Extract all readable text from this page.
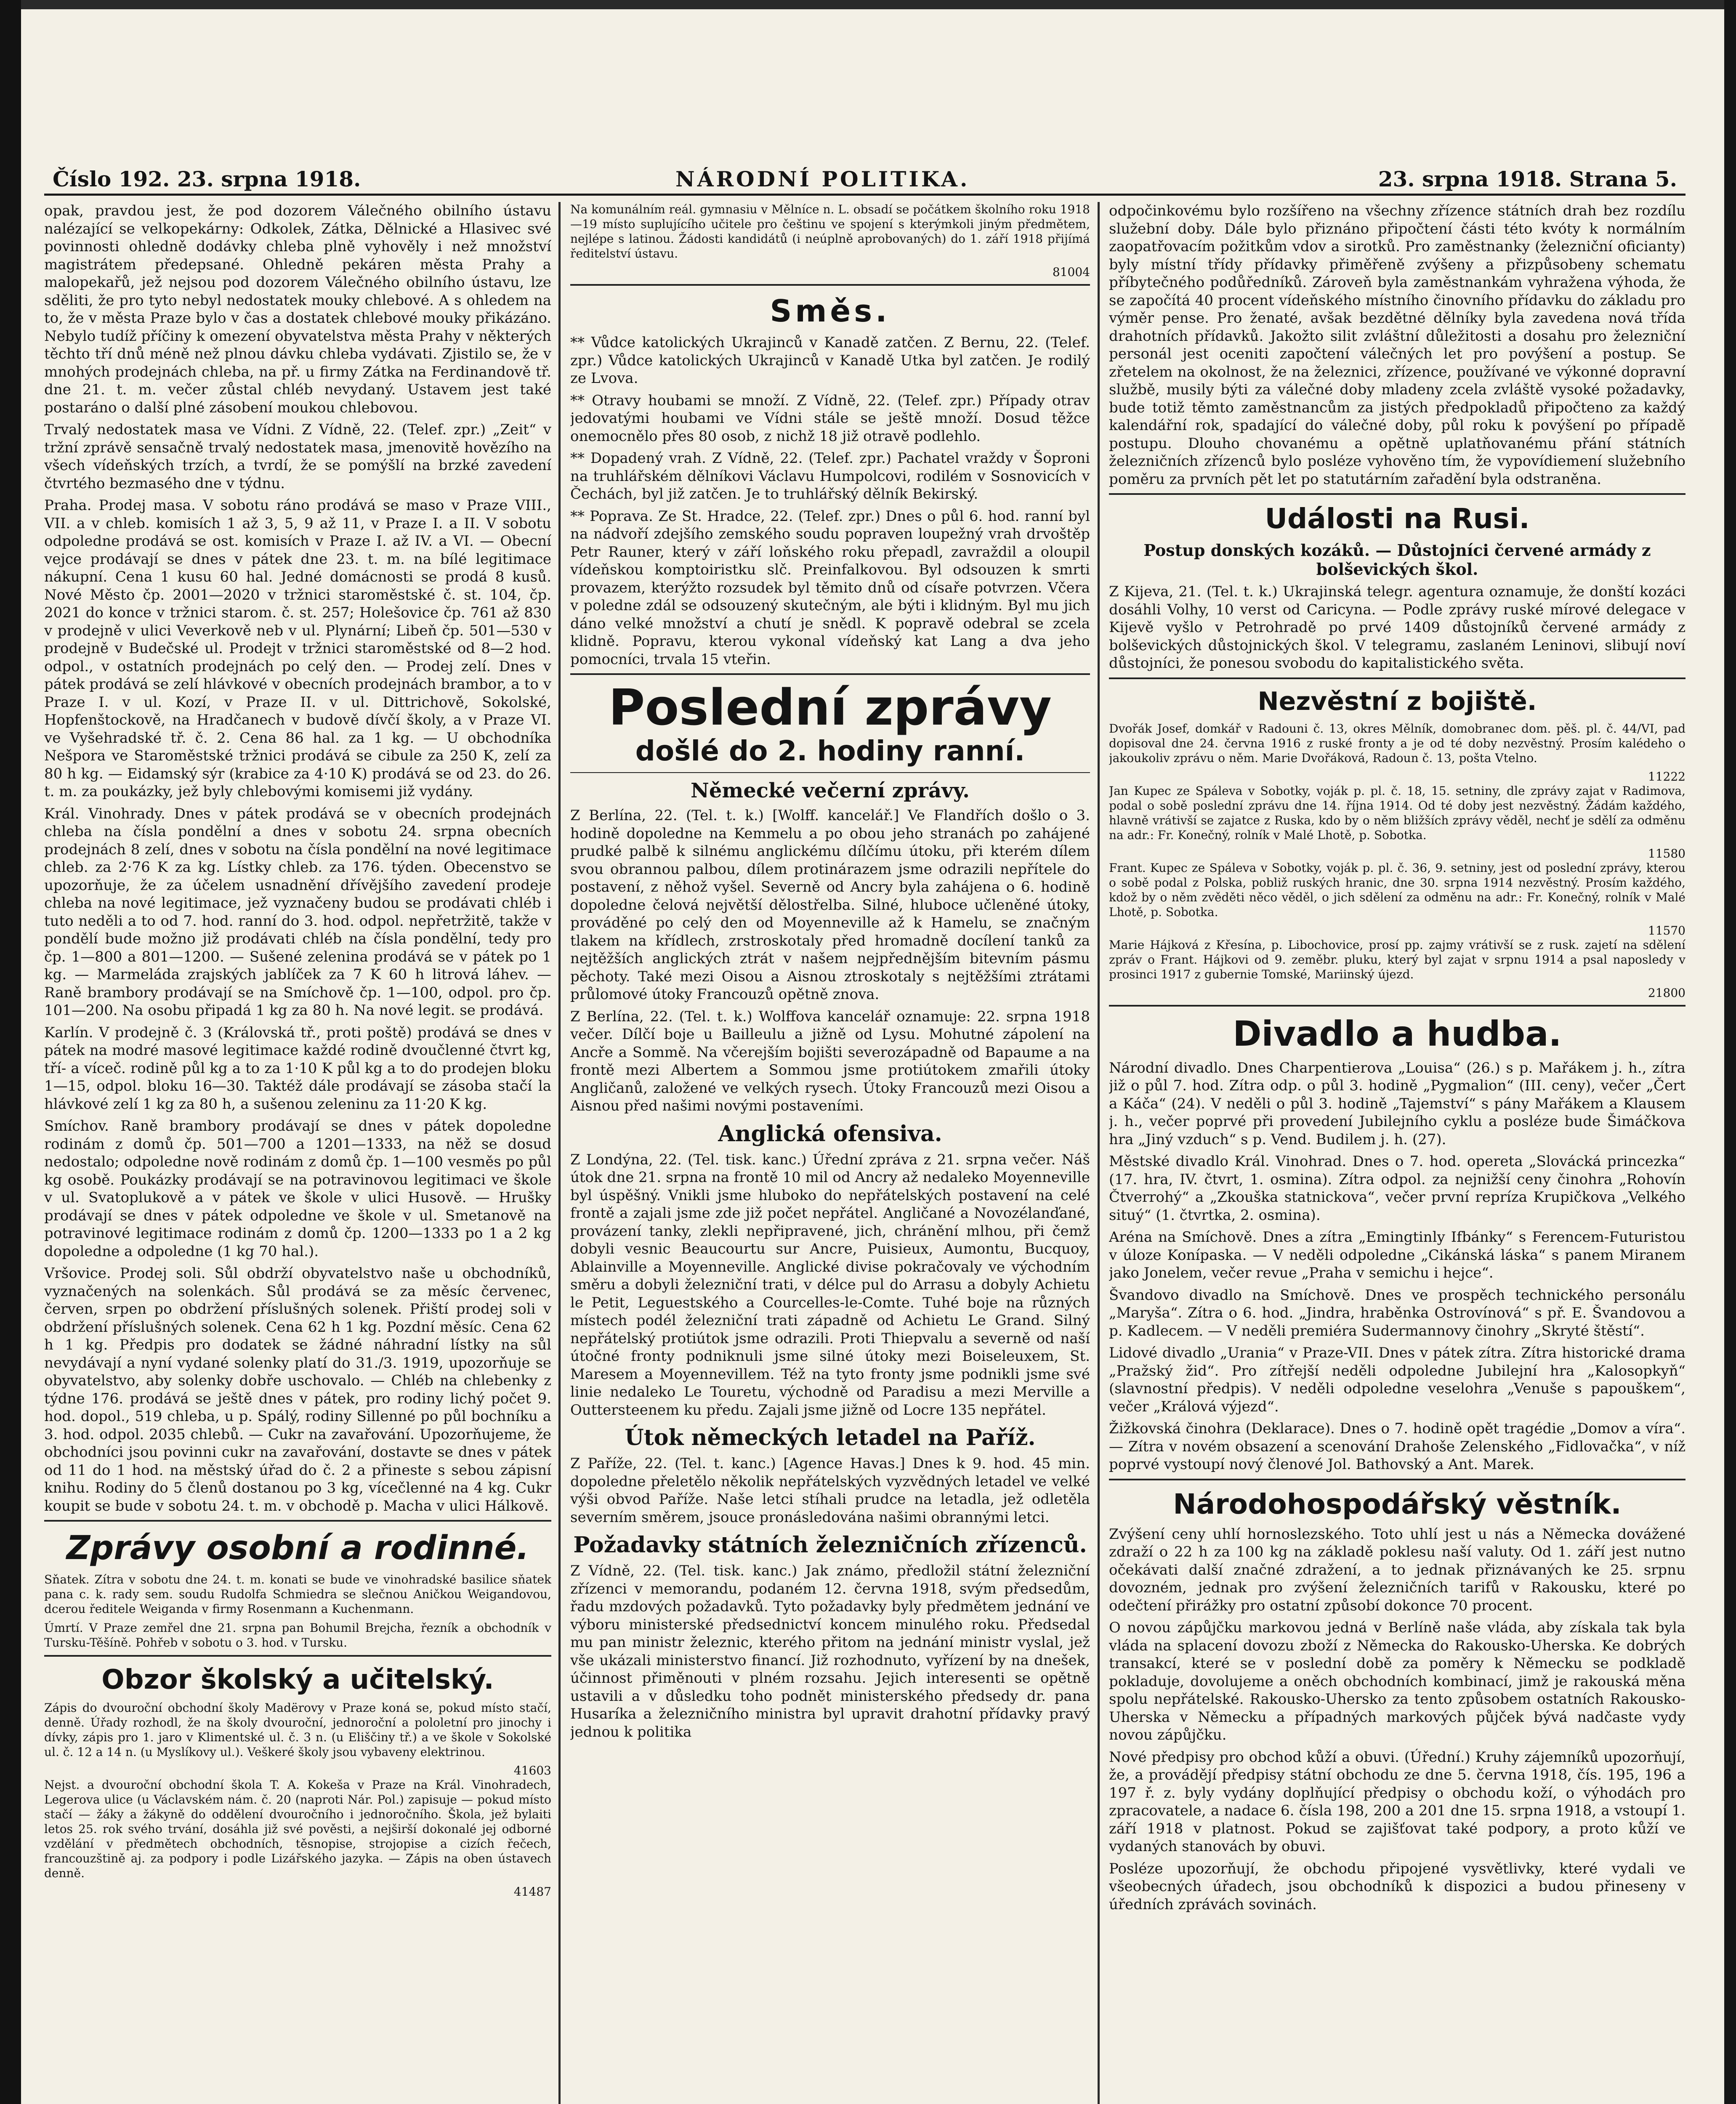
Číslo 192. 23. srpna 1918.	NÁRODNÍ POLITIKA.	23. srpna 1918. Strana 5.

opak, pravdou jest, že pod dozorem Válečného obilního ústavu nalézající se velkopekárny: Odkolek, Zátka, Dělnické a Hlasivec své povinnosti ohledně dodávky chleba plně vyhověly i než množství magistrátem předepsané. Ohledně pekáren města Prahy a malopekařů, jež nejsou pod dozorem Válečného obilního ústavu, lze sděliti, že pro tyto nebyl nedostatek mouky chlebové. A s ohledem na to, že v města Praze bylo v čas a dostatek chlebové mouky přikázáno. Nebylo tudíž příčiny k omezení obyvatelstva města Prahy v některých těchto tří dnů méně než plnou dávku chleba vydávati. Zjistilo se, že v mnohých prodejnách chleba, na př. u firmy Zátka na Ferdinandově tř. dne 21. t. m. večer zůstal chléb nevydaný. Ustavem jest také postaráno o další plné zásobení moukou chlebovou.

Trvalý nedostatek masa ve Vídni. Z Vídně, 22. (Telef. zpr.) „Zeit“ v tržní zprávě sensačně trvalý nedostatek masa, jmenovitě hovězího na všech vídeňských trzích, a tvrdí, že se pomýšlí na brzké zavedení čtvrtého bezmasého dne v týdnu.

Praha. Prodej masa. V sobotu ráno prodává se maso v Praze VIII., VII. a v chleb. komisích 1 až 3, 5, 9 až 11, v Praze I. a II. V sobotu odpoledne prodává se ost. komisích v Praze I. až IV. a VI. — Obecní vejce prodávají se dnes v pátek dne 23. t. m. na bílé legitimace nákupní. Cena 1 kusu 60 hal. Jedné domácnosti se prodá 8 kusů. Nové Město čp. 2001—2020 v tržnici staroměstské č. st. 104, čp. 2021 do konce v tržnici starom. č. st. 257; Holešovice čp. 761 až 830 v prodejně v ulici Veverkově neb v ul. Plynární; Libeň čp. 501—530 v prodejně v Budečské ul. Prodejt v tržnici staroměstské od 8—2 hod. odpol., v ostatních prodejnách po celý den. — Prodej zelí. Dnes v pátek prodává se zelí hlávkové v obecních prodejnách brambor, a to v Praze I. v ul. Kozí, v Praze II. v ul. Dittrichově, Sokolské, Hopfenštockově, na Hradčanech v budově dívčí školy, a v Praze VI. ve Vyšehradské tř. č. 2. Cena 86 hal. za 1 kg. — U obchodníka Nešpora ve Staroměstské tržnici prodává se cibule za 250 K, zelí za 80 h kg. — Eidamský sýr (krabice za 4·10 K) prodává se od 23. do 26. t. m. za poukázky, jež byly chlebovými komisemi již vydány.

Král. Vinohrady. Dnes v pátek prodává se v obecních prodejnách chleba na čísla pondělní a dnes v sobotu 24. srpna obecních prodejnách 8 zelí, dnes v sobotu na čísla pondělní na nové legitimace chleb. za 2·76 K za kg. Lístky chleb. za 176. týden. Obecenstvo se upozorňuje, že za účelem usnadnění dřívějšího zavedení prodeje chleba na nové legitimace, jež vyznačeny budou se prodávati chléb i tuto neděli a to od 7. hod. ranní do 3. hod. odpol. nepřetržitě, takže v pondělí bude možno již prodávati chléb na čísla pondělní, tedy pro čp. 1—800 a 801—1200. — Sušené zelenina prodává se v pátek po 1 kg. — Marmeláda zrajských jablíček za 7 K 60 h litrová láhev. — Raně brambory prodávají se na Smíchově čp. 1—100, odpol. pro čp. 101—200. Na osobu připadá 1 kg za 80 h. Na nové legit. se prodává.

Karlín. V prodejně č. 3 (Královská tř., proti poště) prodává se dnes v pátek na modré masové legitimace každé rodině dvoučlenné čtvrt kg, tří- a víceč. rodině půl kg a to za 1·10 K půl kg a to do prodejen bloku 1—15, odpol. bloku 16—30. Taktéž dále prodávají se zásoba stačí la hlávkové zelí 1 kg za 80 h, a sušenou zeleninu za 11·20 K kg.

Smíchov. Raně brambory prodávají se dnes v pátek dopoledne rodinám z domů čp. 501—700 a 1201—1333, na něž se dosud nedostalo; odpoledne nově rodinám z domů čp. 1—100 vesměs po půl kg osobě. Poukázky prodávají se na potravinovou legitimaci ve škole v ul. Svatoplukově a v pátek ve škole v ulici Husově. — Hrušky prodávají se dnes v pátek odpoledne ve škole v ul. Smetanově na potravinové legitimace rodinám z domů čp. 1200—1333 po 1 a 2 kg dopoledne a odpoledne (1 kg 70 hal.).

Vršovice. Prodej soli. Sůl obdrží obyvatelstvo naše u obchodníků, vyznačených na solenkách. Sůl prodává se za měsíc červenec, červen, srpen po obdržení příslušných solenek. Přiští prodej soli v obdržení příslušných solenek. Cena 62 h 1 kg. Pozdní měsíc. Cena 62 h 1 kg. Předpis pro dodatek se žádné náhradní lístky na sůl nevydávají a nyní vydané solenky platí do 31./3. 1919, upozorňuje se obyvatelstvo, aby solenky dobře uschovalo. — Chléb na chlebenky z týdne 176. prodává se ještě dnes v pátek, pro rodiny lichý počet 9. hod. dopol., 519 chleba, u p. Spálý, rodiny Sillenné po půl bochníku a 3. hod. odpol. 2035 chlebů. — Cukr na zavařování. Upozorňujeme, že obchodníci jsou povinni cukr na zavařování, dostavte se dnes v pátek od 11 do 1 hod. na městský úřad do č. 2 a přineste s sebou zápisní knihu. Rodiny do 5 členů dostanou po 3 kg, vícečlenné na 4 kg. Cukr koupit se bude v sobotu 24. t. m. v obchodě p. Macha v ulici Hálkově.

Zprávy osobní a rodinné.

Sňatek. Zítra v sobotu dne 24. t. m. konati se bude ve vinohradské basilice sňatek pana c. k. rady sem. soudu Rudolfa Schmiedra se slečnou Aničkou Weigandovou, dcerou ředitele Weiganda v firmy Rosenmann a Kuchenmann.

Úmrtí. V Praze zemřel dne 21. srpna pan Bohumil Brejcha, řezník a obchodník v Tursku-Těšíně. Pohřeb v sobotu o 3. hod. v Tursku.

Obzor školský a učitelský.

Zápis do dvouroční obchodní školy Madërovy v Praze koná se, pokud místo stačí, denně. Úřady rozhodl, že na školy dvouroční, jednoroční a pololetní pro jinochy i dívky, zápis pro 1. jaro v Klimentské ul. č. 3 n. (u Eliščiny tř.) a ve škole v Sokolské ul. č. 12 a 14 n. (u Myslíkovy ul.). Veškeré školy jsou vybaveny elektrinou.

41603

Nejst. a dvouroční obchodní škola T. A. Kokeša v Praze na Král. Vinohradech, Legerova ulice (u Václavském nám. č. 20 (naproti Nár. Pol.) zapisuje — pokud místo stačí — žáky a žákyně do oddělení dvouročního i jednoročního. Škola, jež bylaiti letos 25. rok svého trvání, dosáhla již své pověsti, a nejširší dokonalé jej odborné vzdělání v předmětech obchodních, těsnopise, strojopise a cizích řečech, francouzštině aj. za podpory i podle Lizářského jazyka. — Zápis na oben ústavech denně.

41487

Na komunálním reál. gymnasiu v Mělníce n. L. obsadí se počátkem školního roku 1918—19 místo suplujícího učitele pro češtinu ve spojení s kterýmkoli jiným předmětem, nejlépe s latinou. Žádosti kandidátů (i neúplně aprobovaných) do 1. září 1918 přijímá ředitelství ústavu.

81004
Směs.

** Vůdce katolických Ukrajinců v Kanadě zatčen. Z Bernu, 22. (Telef. zpr.) Vůdce katolických Ukrajinců v Kanadě Utka byl zatčen. Je rodilý ze Lvova.

** Otravy houbami se množí. Z Vídně, 22. (Telef. zpr.) Případy otrav jedovatými houbami ve Vídni stále se ještě množí. Dosud těžce onemocnělo přes 80 osob, z nichž 18 již otravě podlehlo.

** Dopadený vrah. Z Vídně, 22. (Telef. zpr.) Pachatel vraždy v Šoproni na truhlářském dělníkovi Václavu Humpolcovi, rodilém v Sosnovicích v Čechách, byl již zatčen. Je to truhlářský dělník Bekirský.

** Poprava. Ze St. Hradce, 22. (Telef. zpr.) Dnes o půl 6. hod. ranní byl na nádvoří zdejšího zemského soudu popraven loupežný vrah drvoštěp Petr Rauner, který v září loňského roku přepadl, zavraždil a oloupil vídeňskou komptoiristku slč. Preinfalkovou. Byl odsouzen k smrti provazem, kterýžto rozsudek byl těmito dnů od císaře potvrzen. Včera v poledne zdál se odsouzený skutečným, ale býti i klidným. Byl mu jich dáno velké množství a chutí je snědl. K popravě odebral se zcela klidně. Popravu, kterou vykonal vídeňský kat Lang a dva jeho pomocníci, trvala 15 vteřin.

Poslední zprávy
došlé do 2. hodiny ranní.
Německé večerní zprávy.

Z Berlína, 22. (Tel. t. k.) [Wolff. kancelář.] Ve Flandřích došlo o 3. hodině dopoledne na Kemmelu a po obou jeho stranách po zahájené prudké palbě k silnému anglickému dílčímu útoku, při kterém dílem svou obrannou palbou, dílem protinárazem jsme odrazili nepřítele do postavení, z něhož vyšel. Severně od Ancry byla zahájena o 6. hodině dopoledne čelová největší dělostřelba. Silné, hluboce učleněné útoky, prováděné po celý den od Moyenneville až k Hamelu, se značným tlakem na křídlech, zrstroskotaly před hromadně docílení tanků za nejtěžších anglických ztrát v našem nejpřednějším bitevním pásmu pěchoty. Také mezi Oisou a Aisnou ztroskotaly s nejtěžšími ztrátami průlomové útoky Francouzů opětně znova.

Z Berlína, 22. (Tel. t. k.) Wolffova kancelář oznamuje: 22. srpna 1918 večer. Dílčí boje u Bailleulu a jižně od Lysu. Mohutné zápolení na Ancře a Sommě. Na včerejším bojišti severozápadně od Bapaume a na frontě mezi Albertem a Sommou jsme protiútokem zmařili útoky Angličanů, založené ve velkých rysech. Útoky Francouzů mezi Oisou a Aisnou před našimi novými postaveními.

Anglická ofensiva.

Z Londýna, 22. (Tel. tisk. kanc.) Úřední zpráva z 21. srpna večer. Náš útok dne 21. srpna na frontě 10 mil od Ancry až nedaleko Moyenneville byl úspěšný. Vnikli jsme hluboko do nepřátelských postavení na celé frontě a zajali jsme zde již počet nepřátel. Angličané a Novozélanďané, provázení tanky, zlekli nepřipravené, jich, chránění mlhou, při čemž dobyli vesnic Beaucourtu sur Ancre, Puisieux, Aumontu, Bucquoy, Ablainville a Moyenneville. Anglické divise pokračovaly ve východním směru a dobyli železniční trati, v délce pul do Arrasu a dobyly Achietu le Petit, Leguestského a Courcelles-le-Comte. Tuhé boje na různých místech podél železniční trati západně od Achietu Le Grand. Silný nepřátelský protiútok jsme odrazili. Proti Thiepvalu a severně od naší útočné fronty podniknuli jsme silné útoky mezi Boiseleuxem, St. Maresem a Moyennevillem. Též na tyto fronty jsme podnikli jsme své linie nedaleko Le Touretu, východně od Paradisu a mezi Merville a Outtersteenem ku předu. Zajali jsme jižně od Locre 135 nepřátel.

Útok německých letadel na Paříž.

Z Paříže, 22. (Tel. t. kanc.) [Agence Havas.] Dnes k 9. hod. 45 min. dopoledne přeletělo několik nepřátelských vyzvědných letadel ve velké výši obvod Paříže. Naše letci stíhali prudce na letadla, jež odletěla severním směrem, jsouce pronásledována našimi obrannými letci.

Požadavky státních železničních zřízenců.

Z Vídně, 22. (Tel. tisk. kanc.) Jak známo, předložil státní železniční zřízenci v memorandu, podaném 12. června 1918, svým předsedům, řadu mzdových požadavků. Tyto požadavky byly předmětem jednání ve výboru ministerské předsednictví koncem minulého roku. Předsedal mu pan ministr železnic, kterého přitom na jednání ministr vyslal, jež vše ukázali ministerstvo financí. Již rozhodnuto, vyřízení by na dnešek, účinnost přiměnouti v plném rozsahu. Jejich interesenti se opětně ustavili a v důsledku toho podnět ministerského předsedy dr. pana Husaríka a železničního ministra byl upravit drahotní přídavky pravý jednou k politika

odpočinkovému bylo rozšířeno na všechny zřízence státních drah bez rozdílu služební doby. Dále bylo přiznáno připočtení části této kvóty k normálním zaopatřovacím požitkům vdov a sirotků. Pro zaměstnanky (železniční oficianty) byly místní třídy přídavky přiměřeně zvýšeny a přizpůsobeny schematu příbytečného podůředníků. Zároveň byla zaměstnankám vyhražena výhoda, že se započítá 40 procent vídeňského místního činovního přídavku do základu pro výměr pense. Pro ženaté, avšak bezdětné dělníky byla zavedena nová třída drahotních přídavků. Jakožto silit zvláštní důležitosti a dosahu pro železniční personál jest oceniti započtení válečných let pro povýšení a postup. Se zřetelem na okolnost, že na železnici, zřízence, používané ve výkonné dopravní službě, musily býti za válečné doby mladeny zcela zvláště vysoké požadavky, bude totiž těmto zaměstnancům za jistých předpokladů připočteno za každý kalendářní rok, spadající do válečné doby, půl roku k povýšení po případě postupu. Dlouho chovanému a opětně uplatňovanému přání státních železničních zřízenců bylo posléze vyhověno tím, že vypovídiemení služebního poměru za prvních pět let po statutárním zařadění byla odstraněna.

Události na Rusi.
Postup donských kozáků. — Důstojníci červené armády z bolševických škol.

Z Kijeva, 21. (Tel. t. k.) Ukrajinská telegr. agentura oznamuje, že donští kozáci dosáhli Volhy, 10 verst od Caricyna. — Podle zprávy ruské mírové delegace v Kijevě vyšlo v Petrohradě po prvé 1409 důstojníků červené armády z bolševických důstojnických škol. V telegramu, zaslaném Leninovi, slibují noví důstojníci, že ponesou svobodu do kapitalistického světa.

Nezvěstní z bojiště.

Dvořák Josef, domkář v Radouni č. 13, okres Mělník, domobranec dom. pěš. pl. č. 44/VI, pad dopisoval dne 24. června 1916 z ruské fronty a je od té doby nezvěstný. Prosím kalédeho o jakoukoliv zprávu o něm. Marie Dvořáková, Radoun č. 13, pošta Vtelno.

11222

Jan Kupec ze Spáleva v Sobotky, voják p. pl. č. 18, 15. setniny, dle zprávy zajat v Radimova, podal o sobě poslední zprávu dne 14. října 1914. Od té doby jest nezvěstný. Žádám každého, hlavně vrátivší se zajatce z Ruska, kdo by o něm bližších zprávy věděl, nechť je sdělí za odměnu na adr.: Fr. Konečný, rolník v Malé Lhotě, p. Sobotka.

11580

Frant. Kupec ze Spáleva v Sobotky, voják p. pl. č. 36, 9. setniny, jest od poslední zprávy, kterou o sobě podal z Polska, pobliž ruských hranic, dne 30. srpna 1914 nezvěstný. Prosím každého, kdož by o něm zvěděti něco věděl, o jich sdělení za odměnu na adr.: Fr. Konečný, rolník v Malé Lhotě, p. Sobotka.

11570

Marie Hájková z Křesína, p. Libochovice, prosí pp. zajmy vrátivší se z rusk. zajetí na sdělení zpráv o Frant. Hájkovi od 9. zeměbr. pluku, který byl zajat v srpnu 1914 a psal naposledy v prosinci 1917 z gubernie Tomské, Mariinský újezd.

21800
Divadlo a hudba.

Národní divadlo. Dnes Charpentierova „Louisa“ (26.) s p. Mařákem j. h., zítra již o půl 7. hod. Zítra odp. o půl 3. hodině „Pygmalion“ (III. ceny), večer „Čert a Káča“ (24). V neděli o půl 3. hodině „Tajemství“ s pány Mařákem a Klausem j. h., večer poprvé při provedení Jubilejního cyklu a posléze bude Šimáčkova hra „Jiný vzduch“ s p. Vend. Budilem j. h. (27).

Městské divadlo Král. Vinohrad. Dnes o 7. hod. opereta „Slovácká princezka“ (17. hra, IV. čtvrt, 1. osmina). Zítra odpol. za nejnižší ceny činohra „Rohovín Čtverrohý“ a „Zkouška statnickova“, večer první repríza Krupičkova „Velkého situý“ (1. čtvrtka, 2. osmina).

Aréna na Smíchově. Dnes a zítra „Emingtinly Ifbánky“ s Ferencem-Futuristou v úloze Konípaska. — V neděli odpoledne „Cikánská láska“ s panem Miranem jako Jonelem, večer revue „Praha v semichu i hejce“.

Švandovo divadlo na Smíchově. Dnes ve prospěch technického personálu „Maryša“. Zítra o 6. hod. „Jindra, hraběnka Ostrovínová“ s př. E. Švandovou a p. Kadlecem. — V neděli premiéra Sudermannovy činohry „Skryté štěstí“.

Lidové divadlo „Urania“ v Praze-VII. Dnes v pátek zítra. Zítra historické drama „Pražský žid“. Pro zítřejší neděli odpoledne Jubilejní hra „Kalosopkyň“ (slavnostní předpis). V neděli odpoledne veselohra „Venuše s papouškem“, večer „Králová výjezd“.

Žižkovská činohra (Deklarace). Dnes o 7. hodině opět tragédie „Domov a víra“. — Zítra v novém obsazení a scenování Drahoše Zelenského „Fidlovačka“, v níž poprvé vystoupí nový členové Jol. Bathovský a Ant. Marek.

Národohospodářský věstník.

Zvýšení ceny uhlí hornoslezského. Toto uhlí jest u nás a Německa dovážené zdraží o 22 h za 100 kg na základě poklesu naší valuty. Od 1. září jest nutno očekávati další značné zdražení, a to jednak přiznávaných ke 25. srpnu dovozném, jednak pro zvýšení železničních tarifů v Rakousku, které po odečtení přirážky pro ostatní způsobí dokonce 70 procent.

O novou zápůjčku markovou jedná v Berlíně naše vláda, aby získala tak byla vláda na splacení dovozu zboží z Německa do Rakousko-Uherska. Ke dobrých transakcí, které se v poslední době za poměry k Německu se podkladě pokladuje, dovolujeme a oněch obchodních kombinací, jimž je rakouská měna spolu nepřátelské. Rakousko-Uhersko za tento způsobem ostatních Rakousko-Uherska v Německu a případných markových půjček bývá nadčaste vydy novou zápůjčku.

Nové předpisy pro obchod kůží a obuvi. (Úřední.) Kruhy zájemníků upozorňují, že, a provádějí předpisy státní obchodu ze dne 5. června 1918, čís. 195, 196 a 197 ř. z. byly vydány doplňující předpisy o obchodu koží, o výhodách pro zpracovatele, a nadace 6. čísla 198, 200 a 201 dne 15. srpna 1918, a vstoupí 1. září 1918 v platnost. Pokud se zajišťovat také podpory, a proto kůží ve vydaných stanovách by obuvi.

Posléze upozorňují, že obchodu připojené vysvětlivky, které vydali ve všeobecných úřadech, jsou obchodníků k dispozici a budou přineseny v úředních zprávách sovinách.
